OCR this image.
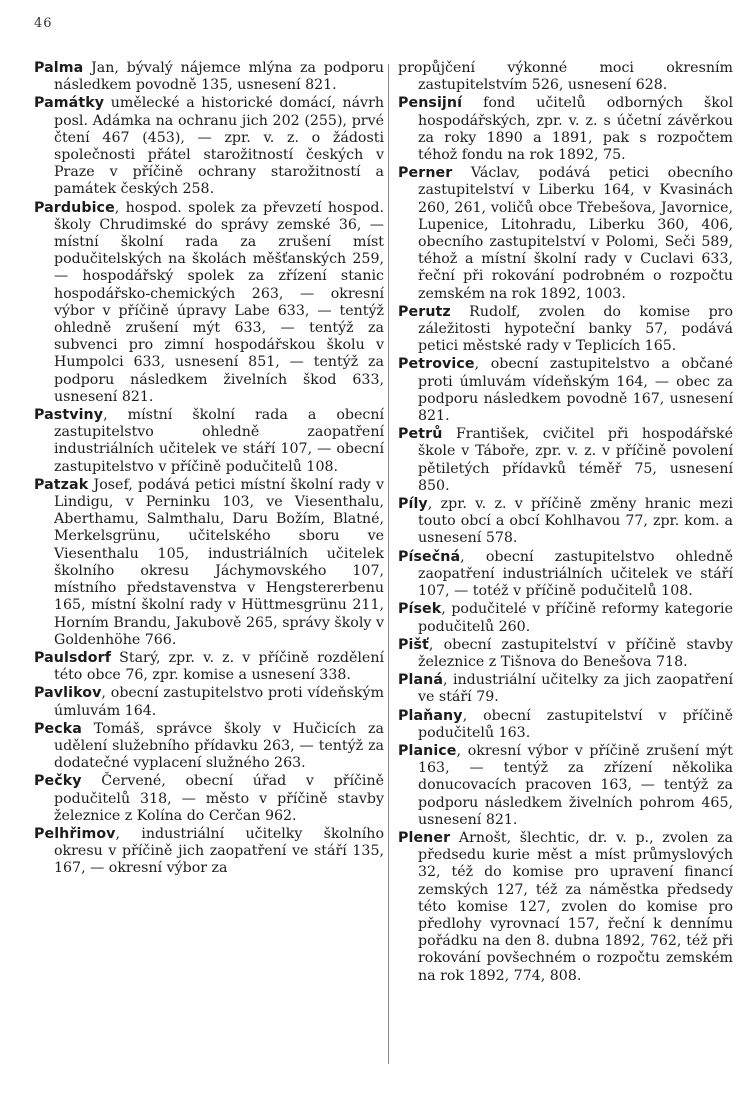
46

Palma Jan, bývalý nájemce mlýna za podporu následkem povodně 135, usnesení 821.

Památky umělecké a historické domácí, návrh posl. Adámka na ochranu jich 202 (255), prvé čtení 467 (453), — zpr. v. z. o žádosti společnosti přátel starožitností českých v Praze v příčině ochrany starožitností a památek českých 258.

Pardubice, hospod. spolek za převzetí hospod. školy Chrudimské do správy zemské 36, — místní školní rada za zrušení míst podučitelských na školách měšťanských 259, — hospodářský spolek za zřízení stanic hospodářsko-chemických 263, — okresní výbor v příčině úpravy Labe 633, — tentýž ohledně zrušení mýt 633, — tentýž za subvenci pro zimní hospodářskou školu v Humpolci 633, usnesení 851, — tentýž za podporu následkem živelních škod 633, usnesení 821.

Pastviny, místní školní rada a obecní zastupitelstvo ohledně zaopatření industriálních učitelek ve stáří 107, — obecní zastupitelstvo v příčině podučitelů 108.

Patzak Josef, podává petici místní školní rady v Lindigu, v Perninku 103, ve Viesenthalu, Aberthamu, Salmthalu, Daru Božím, Blatné, Merkelsgrünu, učitelského sboru ve Viesenthalu 105, industriálních učitelek školního okresu Jáchymovského 107, místního představenstva v Hengstererbenu 165, místní školní rady v Hüttmesgrünu 211, Horním Brandu, Jakubově 265, správy školy v Goldenhöhe 766.

Paulsdorf Starý, zpr. v. z. v příčině rozdělení této obce 76, zpr. komise a usnesení 338.

Pavlikov, obecní zastupitelstvo proti vídeňským úmluvám 164.

Pecka Tomáš, správce školy v Hučicích za udělení služebního přídavku 263, — tentýž za dodatečné vyplacení služného 263.

Pečky Červené, obecní úřad v příčině podučitelů 318, — město v příčině stavby železnice z Kolína do Cerčan 962.

Pelhřimov, industriální učitelky školního okresu v příčině jich zaopatření ve stáří 135, 167, — okresní výbor za

propůjčení výkonné moci okresním zastupitelstvím 526, usnesení 628.

Pensijní fond učitelů odborných škol hospodářských, zpr. v. z. s účetní závěrkou za roky 1890 a 1891, pak s rozpočtem téhož fondu na rok 1892, 75.

Perner Václav, podává petici obecního zastupitelství v Liberku 164, v Kvasinách 260, 261, voličů obce Třebešova, Javornice, Lupenice, Litohradu, Liberku 360, 406, obecního zastupitelství v Polomi, Seči 589, téhož a místní školní rady v Cuclavi 633, řeční při rokování podrobném o rozpočtu zemském na rok 1892, 1003.

Perutz Rudolf, zvolen do komise pro záležitosti hypoteční banky 57, podává petici městské rady v Teplicích 165.

Petrovice, obecní zastupitelstvo a občané proti úmluvám vídeňským 164, — obec za podporu následkem povodně 167, usnesení 821.

Petrů František, cvičitel při hospodářské škole v Táboře, zpr. v. z. v příčině povolení pětiletých přídavků téměř 75, usnesení 850.

Píly, zpr. v. z. v příčině změny hranic mezi touto obcí a obcí Kohlhavou 77, zpr. kom. a usnesení 578.

Písečná, obecní zastupitelstvo ohledně zaopatření industriálních učitelek ve stáří 107, — totéž v příčině podučitelů 108.

Písek, podučitelé v příčině reformy kategorie podučitelů 260.

Pišť, obecní zastupitelství v příčině stavby železnice z Tišnova do Benešova 718.

Planá, industriální učitelky za jich zaopatření ve stáří 79.

Plaňany, obecní zastupitelství v příčině podučitelů 163.

Planice, okresní výbor v příčině zrušení mýt 163, — tentýž za zřízení několika donucovacích pracoven 163, — tentýž za podporu následkem živelních pohrom 465, usnesení 821.

Plener Arnošt, šlechtic, dr. v. p., zvolen za předsedu kurie měst a míst průmyslových 32, též do komise pro upravení financí zemských 127, též za náměstka předsedy této komise 127, zvolen do komise pro předlohy vyrovnací 157, řeční k dennímu pořádku na den 8. dubna 1892, 762, též při rokování povšechném o rozpočtu zemském na rok 1892, 774, 808.
